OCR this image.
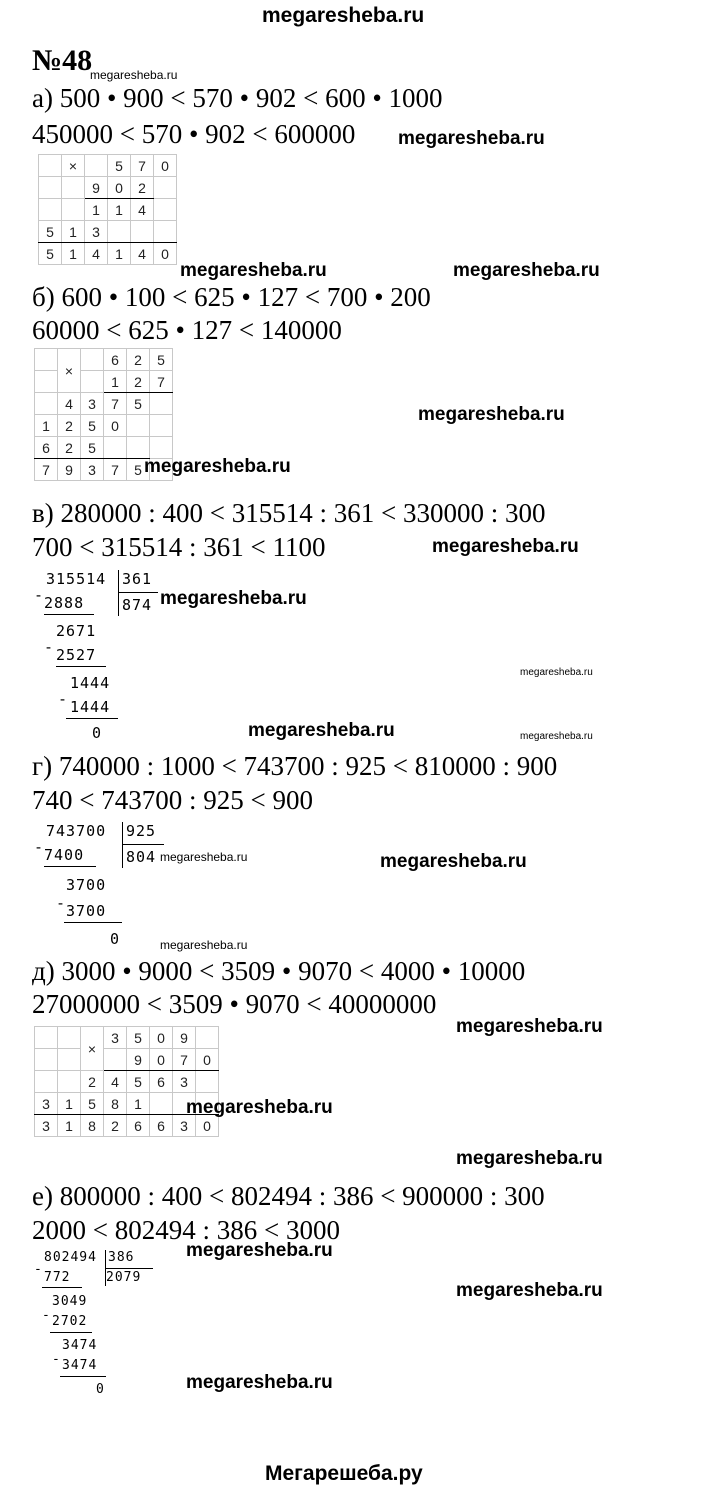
megaresheba.ru
Мегарешеба.ру
№48
megaresheba.ru
а) 500 • 900 < 570 • 902 < 600 • 1000
450000 < 570 • 902 < 600000 megaresheba.ru
	×		5	7	0
		9	0	2	
		1	1	4	
5	1	3			
5	1	4	1	4	0
megaresheba.ru	megaresheba.ru
б) 600 • 100 < 625 • 127 < 700 • 200
60000 < 625 • 127 < 140000
	×		6	2	5
			1	2	7
	4	3	7	5	
1	2	5	0		
6	2	5			
7	9	3	7	5	
megaresheba.ru
megaresheba.ru
в) 280000 : 400 < 315514 : 361 < 330000 : 300
700 < 315514 : 361 < 1100	megaresheba.ru
315514 361
874
- 2888
2671
- 2527
1444
- 1444
0
megaresheba.ru
megaresheba.ru
megaresheba.ru	megaresheba.ru
г) 740000 : 1000 < 743700 : 925 < 810000 : 900
740 < 743700 : 925 < 900
743700 925
804
- 7400
3700
- 3700
0
megaresheba.ru	megaresheba.ru
megaresheba.ru
д) 3000 • 9000 < 3509 • 9070 < 4000 • 10000
27000000 < 3509 • 9070 < 40000000
megaresheba.ru
		×	3	5	0	9	
				9	0	7	0
		2	4	5	6	3	
3	1	5	8	1			
3	1	8	2	6	6	3	0
megaresheba.ru
megaresheba.ru
е) 800000 : 400 < 802494 : 386 < 900000 : 300
2000 < 802494 : 386 < 3000
megaresheba.ru
megaresheba.ru
802494 386
2079
-
772
3049
- 2702
3474
- 3474
0	megaresheba.ru
